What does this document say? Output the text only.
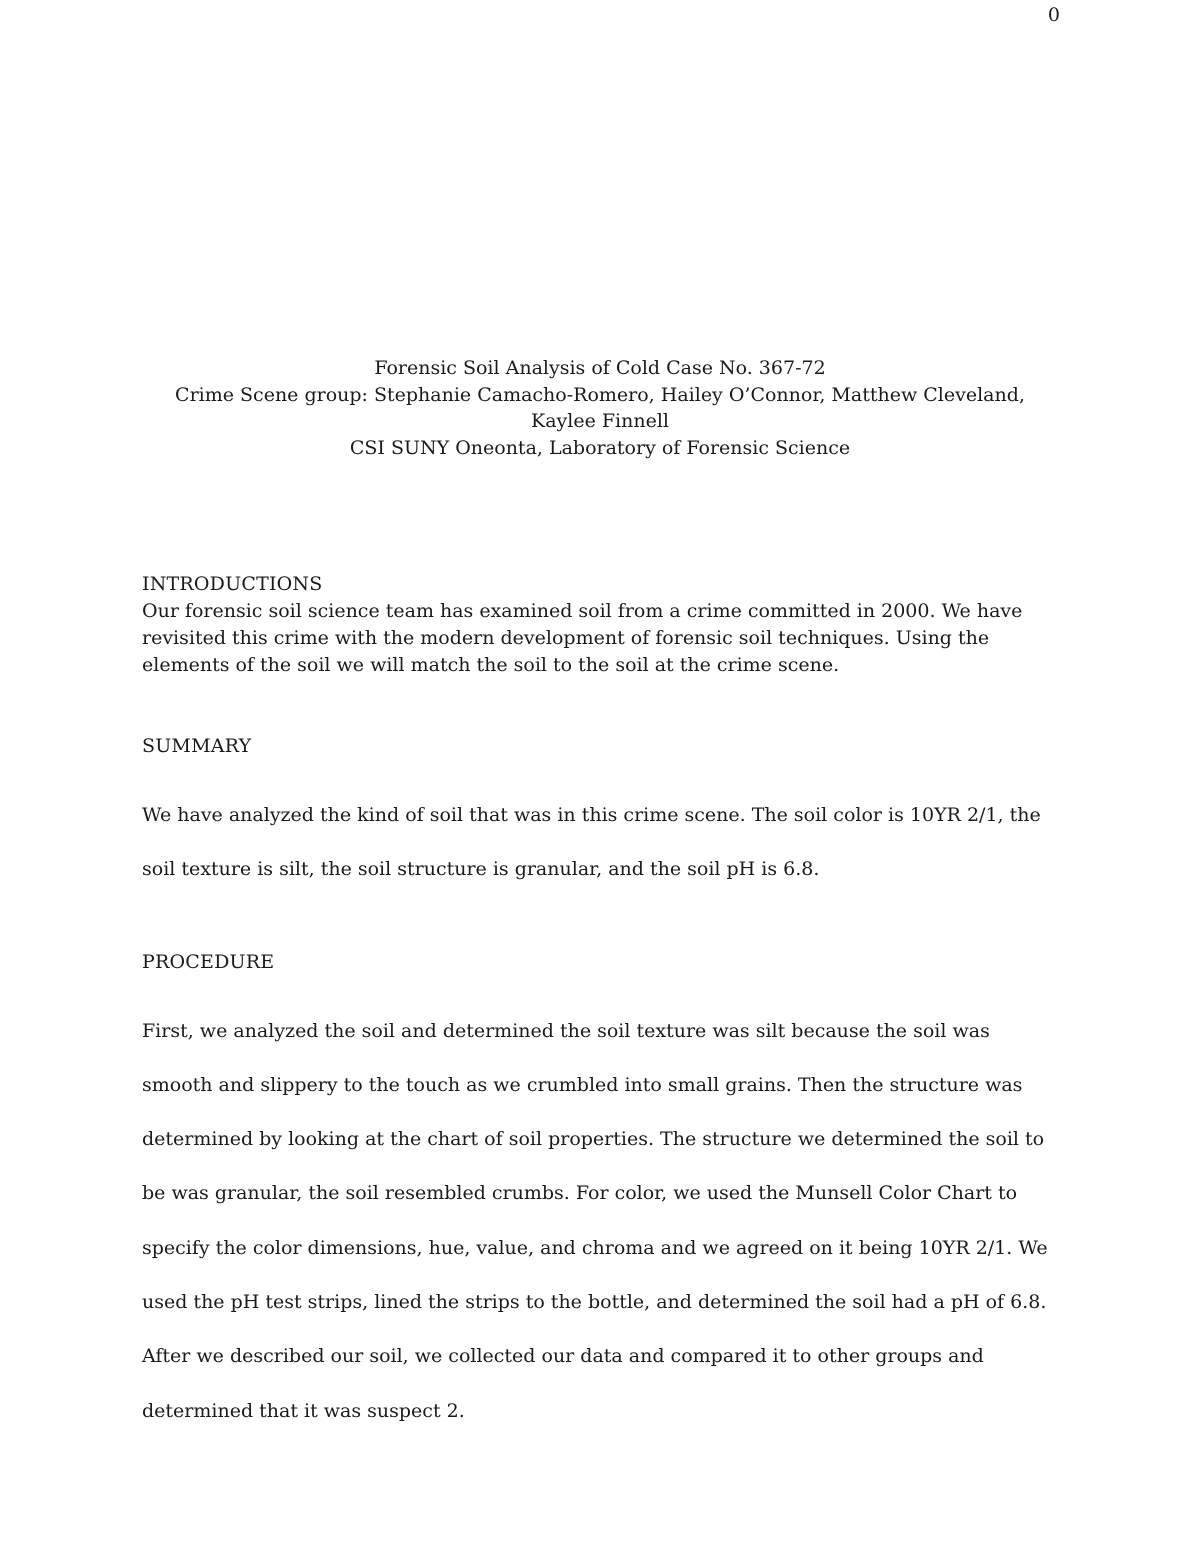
0
Forensic Soil Analysis of Cold Case No. 367-72
Crime Scene group: Stephanie Camacho-Romero, Hailey O’Connor, Matthew Cleveland, Kaylee Finnell
CSI SUNY Oneonta, Laboratory of Forensic Science
INTRODUCTIONS

Our forensic soil science team has examined soil from a crime committed in 2000. We have revisited this crime with the modern development of forensic soil techniques. Using the elements of the soil we will match the soil to the soil at the crime scene.

SUMMARY

We have analyzed the kind of soil that was in this crime scene. The soil color is 10YR 2/1, the soil texture is silt, the soil structure is granular, and the soil pH is 6.8.

PROCEDURE

First, we analyzed the soil and determined the soil texture was silt because the soil was smooth and slippery to the touch as we crumbled into small grains. Then the structure was determined by looking at the chart of soil properties. The structure we determined the soil to be was granular, the soil resembled crumbs. For color, we used the Munsell Color Chart to specify the color dimensions, hue, value, and chroma and we agreed on it being 10YR 2/1. We used the pH test strips, lined the strips to the bottle, and determined the soil had a pH of 6.8. After we described our soil, we collected our data and compared it to other groups and determined that it was suspect 2.
